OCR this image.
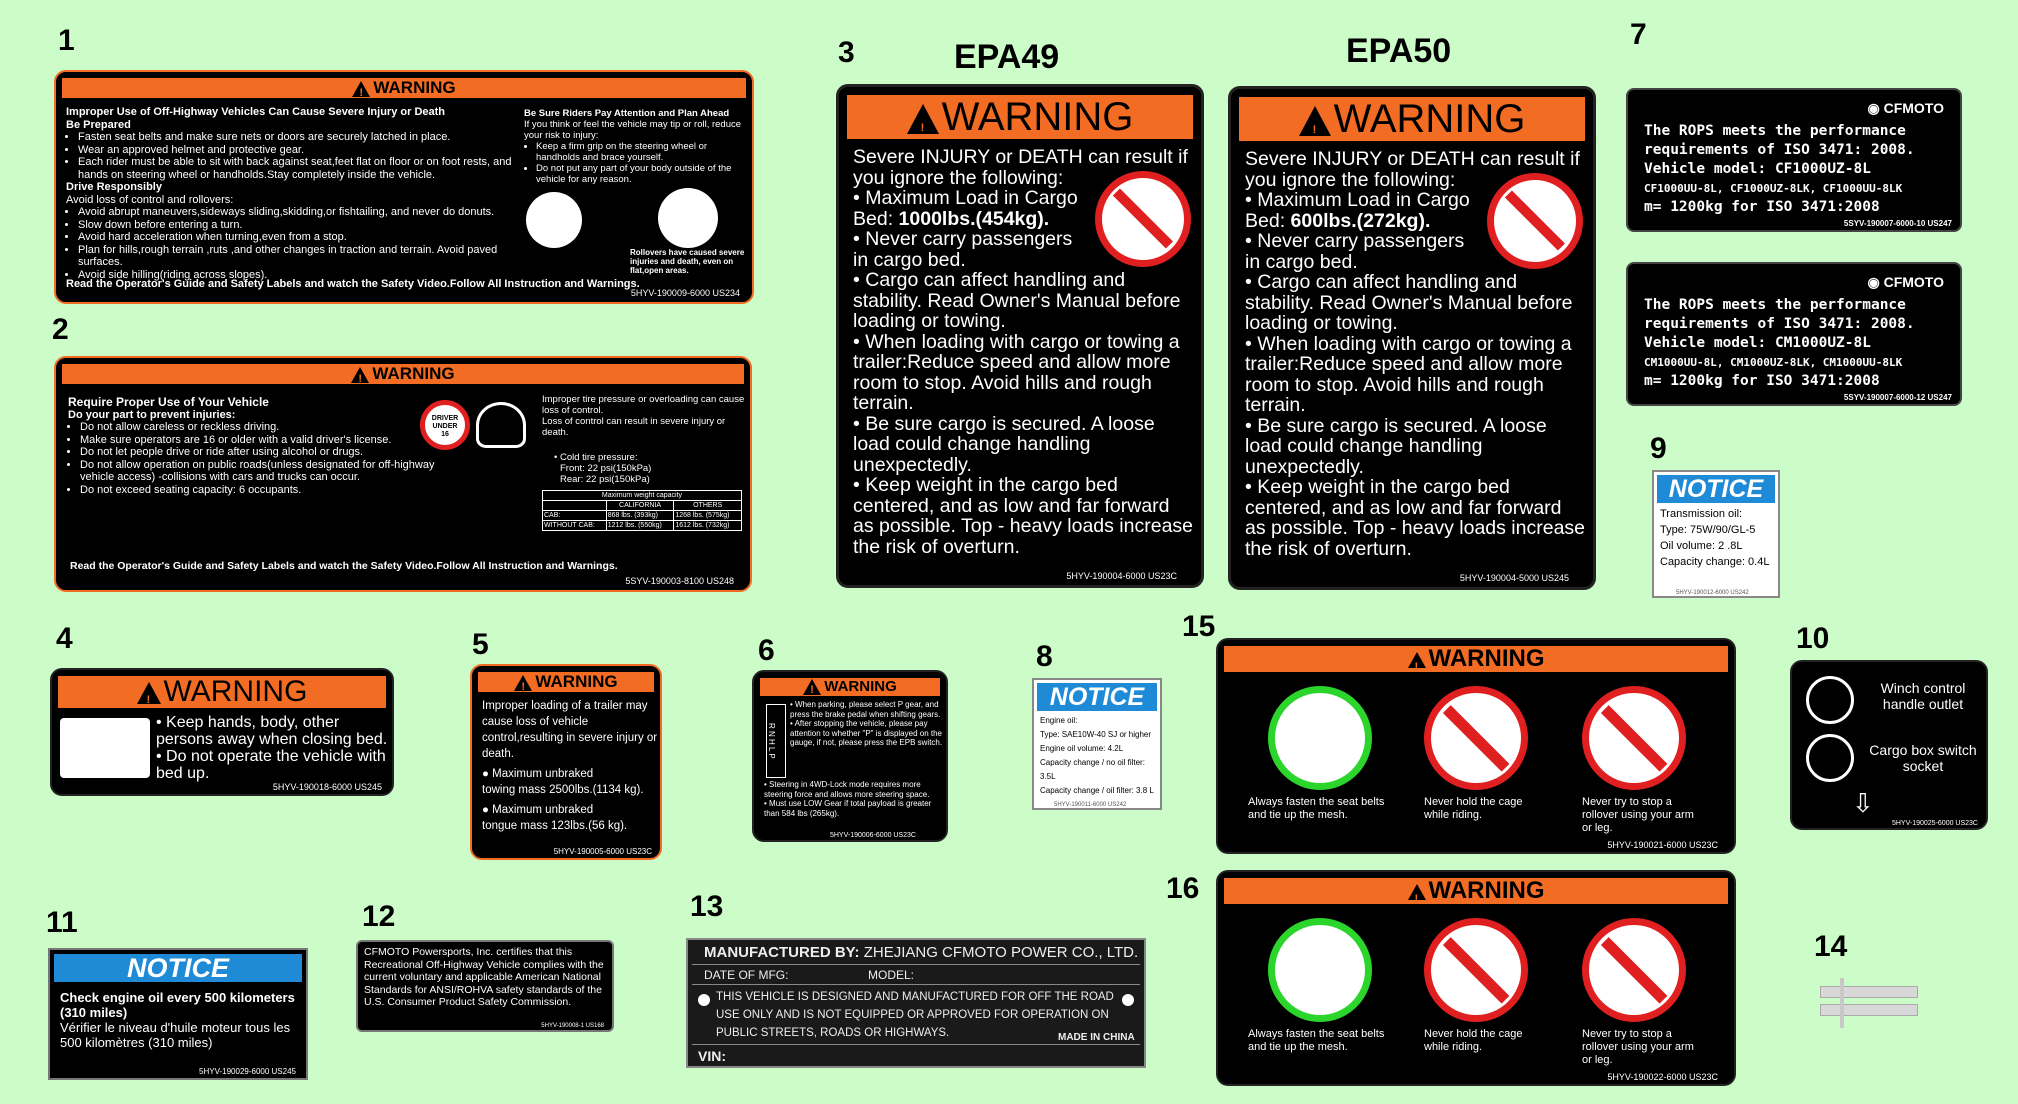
1
2
3
4	5	6
7
8
9
10
11	12	13
14
15
16
EPA49	EPA50
!WARNING
Improper Use of Off-Highway Vehicles Can Cause Severe Injury or Death
Be Prepared
• Fasten seat belts and make sure nets or doors are securely latched in place.
• Wear an approved helmet and protective gear.
• Each rider must be able to sit with back against seat,feet flat on floor or on foot rests, and hands on steering wheel or handholds.Stay completely inside the vehicle.
Drive Responsibly
Avoid loss of control and rollovers:
• Avoid abrupt maneuvers,sideways sliding,skidding,or fishtailing, and never do donuts.
• Slow down before entering a turn.
• Avoid hard acceleration when turning,even from a stop.
• Plan for hills,rough terrain ,ruts ,and other changes in traction and terrain. Avoid paved surfaces.
• Avoid side hilling(riding across slopes).
Be Sure Riders Pay Attention and Plan Ahead
If you think or feel the vehicle may tip or roll, reduce your risk to injury:
• Keep a firm grip on the steering wheel or handholds and brace yourself.
• Do not put any part of your body outside of the vehicle for any reason.
Rollovers have caused severe injuries and death, even on flat,open areas.
Read the Operator's Guide and Safety Labels and watch the Safety Video.Follow All Instruction and Warnings.
5HYV-190009-6000 US234
!WARNING
Require Proper Use of Your Vehicle
Do your part to prevent injuries:
• Do not allow careless or reckless driving.
• Make sure operators are 16 or older with a valid driver's license.
• Do not let people drive or ride after using alcohol or drugs.
• Do not allow operation on public roads(unless designated for off-highway vehicle access) -collisions with cars and trucks can occur.
• Do not exceed seating capacity: 6 occupants.
DRIVER UNDER 16
Improper tire pressure or overloading can cause loss of control.
Loss of control can result in severe injury or death.
• Cold tire pressure:
Front: 22 psi(150kPa)
Rear: 22 psi(150kPa)
Maximum weight capacity		
	CALIFORNIA	OTHERS
CAB:	868 lbs. (393kg)	1268 lbs. (575kg)
WITHOUT CAB:	1212 lbs. (550kg)	1612 lbs. (732kg)
Read the Operator's Guide and Safety Labels and watch the Safety Video.Follow All Instruction and Warnings.
5SYV-190003-8100 US248
!WARNING
Severe INJURY or DEATH can result if you ignore the following:
• Maximum Load in Cargo Bed: 1000lbs.(454kg).
• Never carry passengers in cargo bed.
• Cargo can affect handling and stability. Read Owner's Manual before loading or towing.
• When loading with cargo or towing a trailer:Reduce speed and allow more room to stop. Avoid hills and rough terrain.
• Be sure cargo is secured. A loose load could change handling unexpectedly.
• Keep weight in the cargo bed centered, and as low and far forward as possible. Top - heavy loads increase the risk of overturn.
5HYV-190004-6000 US23C
!WARNING
Severe INJURY or DEATH can result if you ignore the following:
• Maximum Load in Cargo Bed: 600lbs.(272kg).
• Never carry passengers in cargo bed.
• Cargo can affect handling and stability. Read Owner's Manual before loading or towing.
• When loading with cargo or towing a trailer:Reduce speed and allow more room to stop. Avoid hills and rough terrain.
• Be sure cargo is secured. A loose load could change handling unexpectedly.
• Keep weight in the cargo bed centered, and as low and far forward as possible. Top - heavy loads increase the risk of overturn.
5HYV-190004-5000 US245
◉ CFMOTO
The ROPS meets the performance
requirements of ISO 3471: 2008.
Vehicle model: CF1000UZ-8L
CF1000UU-8L, CF1000UZ-8LK, CF1000UU-8LK
m= 1200kg for ISO 3471:2008
5SYV-190007-6000-10 US247
◉ CFMOTO
The ROPS meets the performance
requirements of ISO 3471: 2008.
Vehicle model: CM1000UZ-8L
CM1000UU-8L, CM1000UZ-8LK, CM1000UU-8LK
m= 1200kg for ISO 3471:2008
5SYV-190007-6000-12 US247
NOTICE
Transmission oil:
Type: 75W/90/GL-5
Oil volume: 2 .8L
Capacity change: 0.4L
5HYV-190012-6000 US242
!WARNING
• Keep hands, body, other persons away when closing bed.
• Do not operate the vehicle with bed up.
5HYV-190018-6000 US245
!WARNING
Improper loading of a trailer may cause loss of vehicle control,resulting in severe injury or death.
● Maximum unbraked
towing mass 2500lbs.(1134 kg).
● Maximum unbraked
tongue mass 123lbs.(56 kg).
5HYV-190005-6000 US23C
!WARNING
R N H L P
• When parking, please select P gear, and press the brake pedal when shifting gears.
• After stopping the vehicle, please pay attention to whether "P" is displayed on the gauge, if not, please press the EPB switch.
• Steering in 4WD-Lock mode requires more steering force and allows more steering space.
• Must use LOW Gear if total payload is greater than 584 lbs (265kg).
5HYV-190006-6000 US23C
NOTICE
Engine oil:
Type: SAE10W-40 SJ or higher
Engine oil volume: 4.2L
Capacity change / no oil filter: 3.5L
Capacity change / oil filter: 3.8 L
5HYV-190011-6000 US242
!WARNING
Always fasten the seat belts and tie up the mesh.
Never hold the cage while riding.
Never try to stop a rollover using your arm or leg.
5HYV-190021-6000 US23C
!WARNING
Always fasten the seat belts and tie up the mesh.
Never hold the cage while riding.
Never try to stop a rollover using your arm or leg.
5HYV-190022-6000 US23C
Winch control handle outlet
Cargo box switch socket
⇩
5HYV-190025-6000 US23C
NOTICE
Check engine oil every 500 kilometers (310 miles)
Vérifier le niveau d'huile moteur tous les 500 kilomètres (310 miles)
5HYV-190029-6000 US245
CFMOTO Powersports, Inc. certifies that this Recreational Off-Highway Vehicle complies with the current voluntary and applicable American National Standards for ANSI/ROHVA safety standards of the U.S. Consumer Product Safety Commission.
5HYV-190008-1 US168
MANUFACTURED BY: ZHEJIANG CFMOTO POWER CO., LTD.
DATE OF MFG:	MODEL:
THIS VEHICLE IS DESIGNED AND MANUFACTURED FOR OFF THE ROAD USE ONLY AND IS NOT EQUIPPED OR APPROVED FOR OPERATION ON PUBLIC STREETS, ROADS OR HIGHWAYS.	MADE IN CHINA
VIN:
